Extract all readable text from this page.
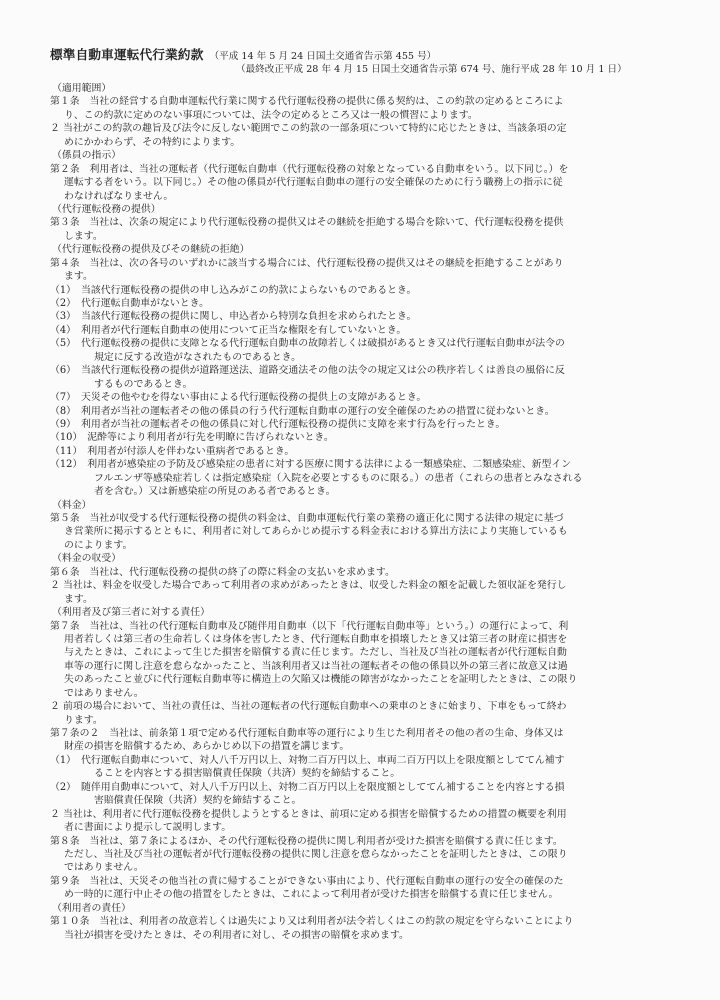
標準自動車運転代行業約款 （平成 14 年 5 月 24 日国土交通省告示第 455 号）
（最終改正平成 28 年 4 月 15 日国土交通省告示第 674 号、施行平成 28 年 10 月 1 日）
（適用範囲）
第１条　当社の経営する自動車運転代行業に関する代行運転役務の提供に係る契約は、この約款の定めるところによ
り、この約款に定めのない事項については、法令の定めるところ又は一般の慣習によります。
２ 当社がこの約款の趣旨及び法令に反しない範囲でこの約款の一部条項について特約に応じたときは、当該条項の定
めにかかわらず、その特約によります。
（係員の指示）
第２条　利用者は、当社の運転者（代行運転自動車（代行運転役務の対象となっている自動車をいう。以下同じ。）を
運転する者をいう。以下同じ。）その他の係員が代行運転自動車の運行の安全確保のために行う職務上の指示に従
わなければなりません。
（代行運転役務の提供）
第３条　当社は、次条の規定により代行運転役務の提供又はその継続を拒絶する場合を除いて、代行運転役務を提供
します。
（代行運転役務の提供及びその継続の拒絶）
第４条　当社は、次の各号のいずれかに該当する場合には、代行運転役務の提供又はその継続を拒絶することがあり
ます。
（1）　当該代行運転役務の提供の申し込みがこの約款によらないものであるとき。
（2）　代行運転自動車がないとき。
（3）　当該代行運転役務の提供に関し、申込者から特別な負担を求められたとき。
（4）　利用者が代行運転自動車の使用について正当な権限を有していないとき。
（5）　代行運転役務の提供に支障となる代行運転自動車の故障若しくは破損があるとき又は代行運転自動車が法令の
規定に反する改造がなされたものであるとき。
（6）　当該代行運転役務の提供が道路運送法、道路交通法その他の法令の規定又は公の秩序若しくは善良の風俗に反
するものであるとき。
（7）　天災その他やむを得ない事由による代行運転役務の提供上の支障があるとき。
（8）　利用者が当社の運転者その他の係員の行う代行運転自動車の運行の安全確保のための措置に従わないとき。
（9）　利用者が当社の運転者その他の係員に対し代行運転役務の提供に支障を来す行為を行ったとき。
（10）　泥酔等により利用者が行先を明瞭に告げられないとき。
（11）　利用者が付添人を伴わない重病者であるとき。
（12）　利用者が感染症の予防及び感染症の患者に対する医療に関する法律による一類感染症、二類感染症、新型イン
フルエンザ等感染症若しくは指定感染症（入院を必要とするものに限る。）の患者（これらの患者とみなされる
者を含む。）又は新感染症の所見のある者であるとき。
（料金）
第５条　当社が収受する代行運転役務の提供の料金は、自動車運転代行業の業務の適正化に関する法律の規定に基づ
き営業所に掲示するとともに、利用者に対してあらかじめ提示する料金表における算出方法により実施しているも
のによります。
（料金の収受）
第６条　当社は、代行運転役務の提供の終了の際に料金の支払いを求めます。
２ 当社は、料金を収受した場合であって利用者の求めがあったときは、収受した料金の額を記載した領収証を発行し
ます。
（利用者及び第三者に対する責任）
第７条　当社は、当社の代行運転自動車及び随伴用自動車（以下「代行運転自動車等」という。）の運行によって、利
用者若しくは第三者の生命若しくは身体を害したとき、代行運転自動車を損壊したとき又は第三者の財産に損害を
与えたときは、これによって生じた損害を賠償する責に任じます。ただし、当社及び当社の運転者が代行運転自動
車等の運行に関し注意を怠らなかったこと、当該利用者又は当社の運転者その他の係員以外の第三者に故意又は過
失のあったこと並びに代行運転自動車等に構造上の欠陥又は機能の障害がなかったことを証明したときは、この限り
ではありません。
２ 前項の場合において、当社の責任は、当社の運転者の代行運転自動車への乗車のときに始まり、下車をもって終わ
ります。
第７条の２　当社は、前条第１項で定める代行運転自動車等の運行により生じた利用者その他の者の生命、身体又は
財産の損害を賠償するため、あらかじめ以下の措置を講じます。
（1）　代行運転自動車について、対人八千万円以上、対物二百万円以上、車両二百万円以上を限度額としててん補す
ることを内容とする損害賠償責任保険（共済）契約を締結すること。
（2）　随伴用自動車について、対人八千万円以上、対物二百万円以上を限度額としててん補することを内容とする損
害賠償責任保険（共済）契約を締結すること。
２ 当社は、利用者に代行運転役務を提供しようとするときは、前項に定める損害を賠償するための措置の概要を利用
者に書面により提示して説明します。
第８条　当社は、第７条によるほか、その代行運転役務の提供に関し利用者が受けた損害を賠償する責に任じます。
ただし、当社及び当社の運転者が代行運転役務の提供に関し注意を怠らなかったことを証明したときは、この限り
ではありません。
第９条　当社は、天災その他当社の責に帰することができない事由により、代行運転自動車の運行の安全の確保のた
め一時的に運行中止その他の措置をしたときは、これによって利用者が受けた損害を賠償する責に任じません。
（利用者の責任）
第１０条　当社は、利用者の故意若しくは過失により又は利用者が法令若しくはこの約款の規定を守らないことにより
当社が損害を受けたときは、その利用者に対し、その損害の賠償を求めます。
